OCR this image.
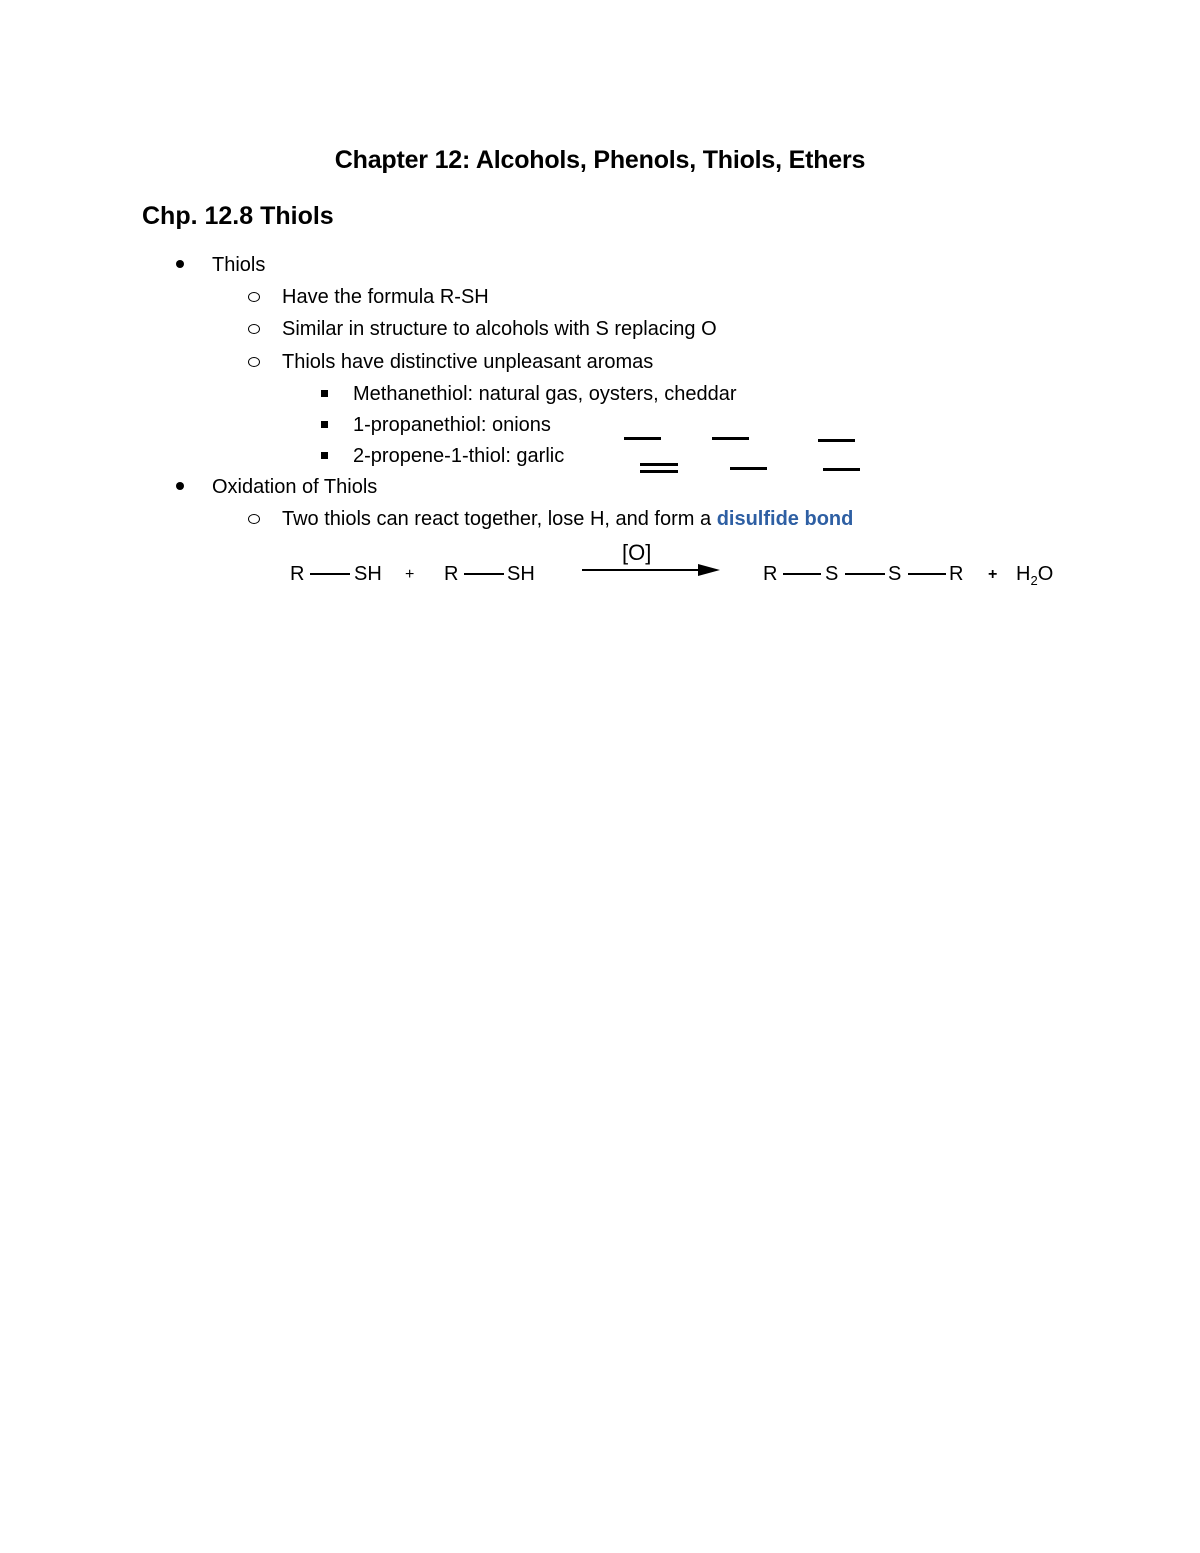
Chapter 12: Alcohols, Phenols, Thiols, Ethers
Chp. 12.8 Thiols
Thiols
Have the formula R-SH
Similar in structure to alcohols with S replacing O
Thiols have distinctive unpleasant aromas
Methanethiol: natural gas, oysters, cheddar
1-propanethiol: onions
2-propene-1-thiol: garlic
Oxidation of Thiols
Two thiols can react together, lose H, and form a disulfide bond
R SH + R SH
[O]
R S S $R + H_2O$
